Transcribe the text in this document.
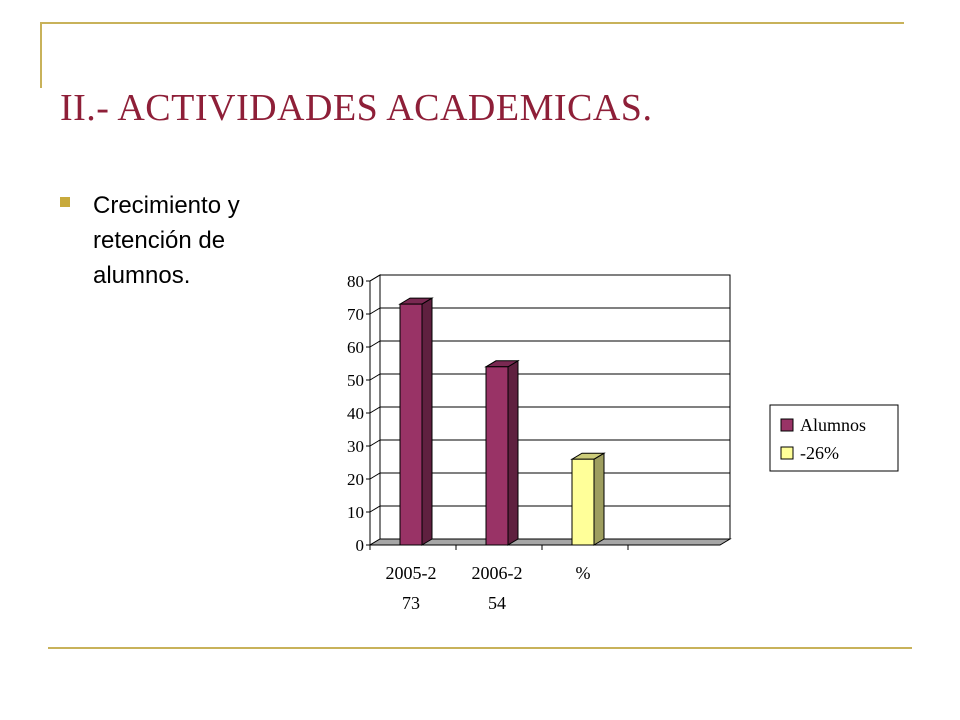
II.- ACTIVIDADES ACADEMICAS.
Crecimiento y retención de alumnos.
0
10
20
30
40
50
60
70
80
2005-2
73
2006-2
54
%
Alumnos
-26%
